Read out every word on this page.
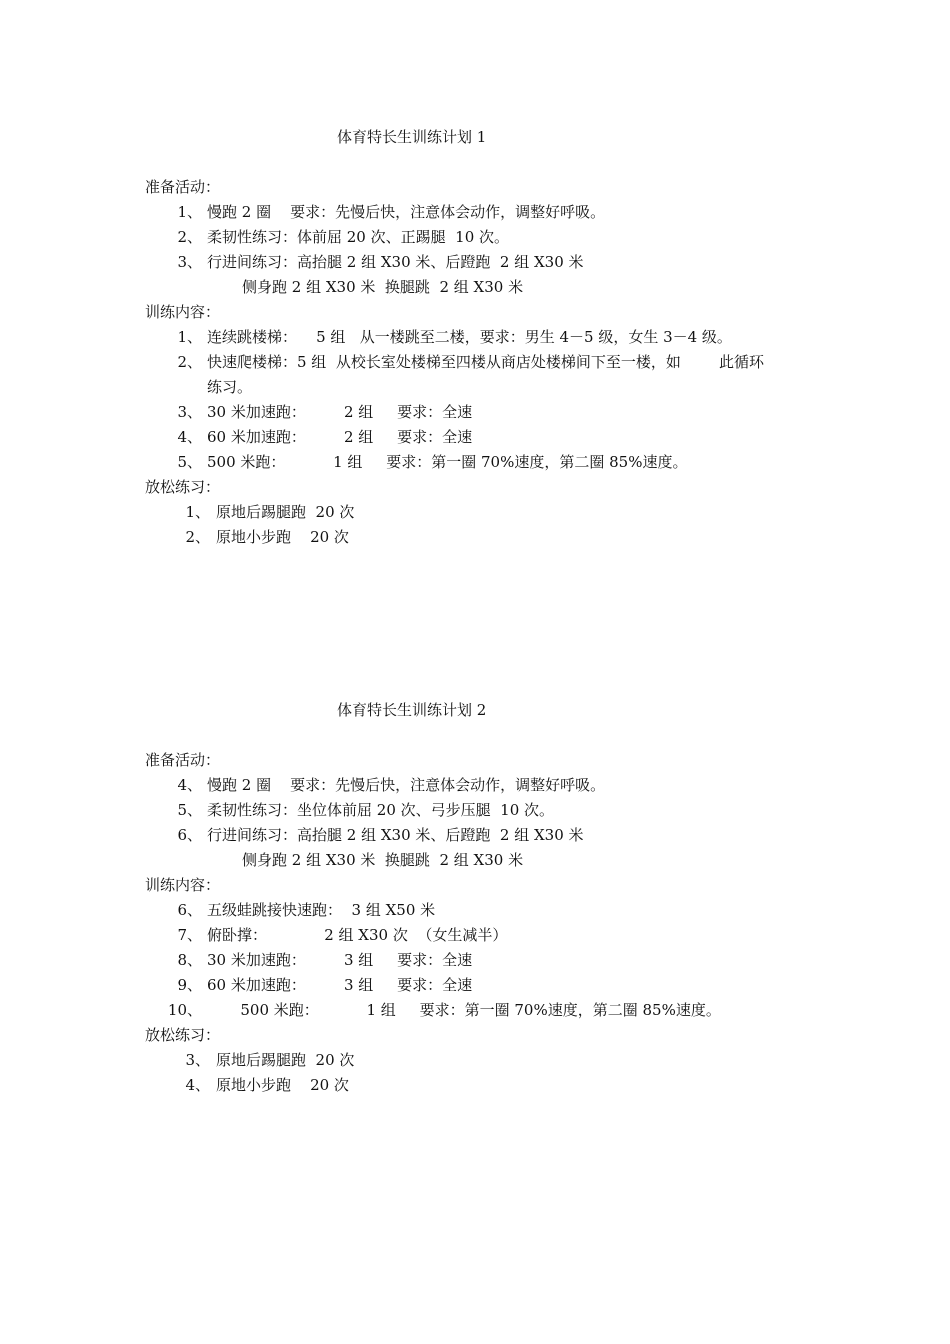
体育特长生训练计划 1
准备活动：
1、 慢跑 2 圈    要求：先慢后快，注意体会动作，调整好呼吸。
2、 柔韧性练习：体前屈 20 次、正踢腿  10 次。
3、 行进间练习：高抬腿 2 组 X30 米、后蹬跑  2 组 X30 米
侧身跑 2 组 X30 米  换腿跳  2 组 X30 米
训练内容：
1、 连续跳楼梯：    5 组   从一楼跳至二楼，要求：男生 4－5 级，女生 3－4 级。
2、 快速爬楼梯：5 组  从校长室处楼梯至四楼从商店处楼梯间下至一楼，如        此循环
练习。
3、 30 米加速跑：        2 组     要求：全速
4、 60 米加速跑：        2 组     要求：全速
5、 500 米跑：          1 组     要求：第一圈 70%速度，第二圈 85%速度。
放松练习：
1、 原地后踢腿跑  20 次
2、 原地小步跑    20 次
体育特长生训练计划 2
准备活动：
4、 慢跑 2 圈    要求：先慢后快，注意体会动作，调整好呼吸。
5、 柔韧性练习：坐位体前屈 20 次、弓步压腿  10 次。
6、 行进间练习：高抬腿 2 组 X30 米、后蹬跑  2 组 X30 米
侧身跑 2 组 X30 米  换腿跳  2 组 X30 米
训练内容：
6、 五级蛙跳接快速跑：  3 组 X50 米
7、 俯卧撑：            2 组 X30 次  （女生减半）
8、 30 米加速跑：        3 组     要求：全速
9、 60 米加速跑：        3 组     要求：全速
10、 500 米跑：          1 组     要求：第一圈 70%速度，第二圈 85%速度。
放松练习：
3、 原地后踢腿跑  20 次
4、 原地小步跑    20 次
